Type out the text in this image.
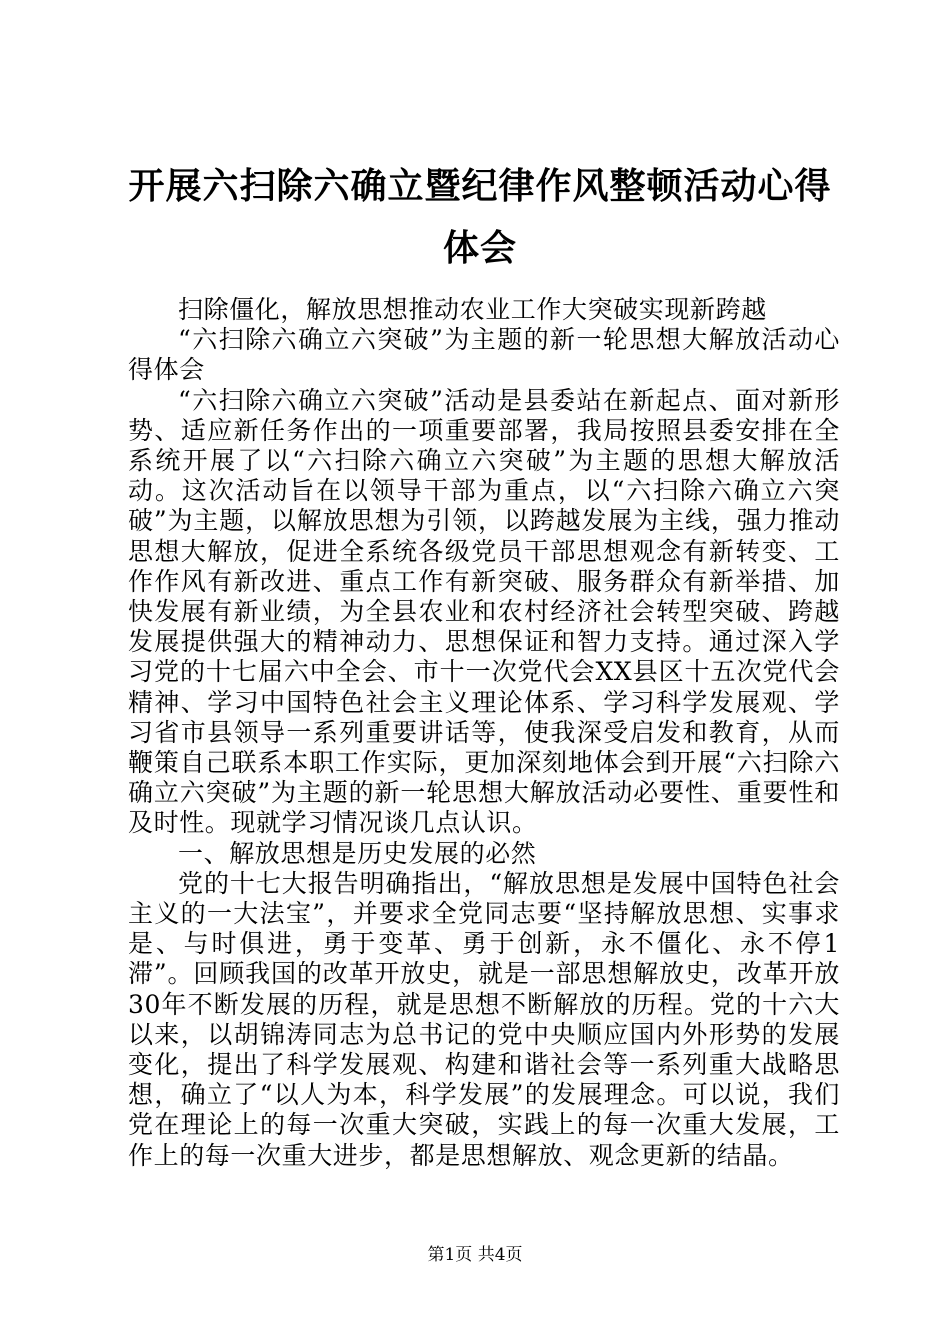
开展六扫除六确立暨纪律作风整顿活动心得体会

扫除僵化，解放思想推动农业工作大突破实现新跨越

“六扫除六确立六突破”为主题的新一轮思想大解放活动心得体会

“六扫除六确立六突破”活动是县委站在新起点、面对新形势、适应新任务作出的一项重要部署，我局按照县委安排在全系统开展了以“六扫除六确立六突破”为主题的思想大解放活动。这次活动旨在以领导干部为重点，以“六扫除六确立六突破”为主题，以解放思想为引领，以跨越发展为主线，强力推动思想大解放，促进全系统各级党员干部思想观念有新转变、工作作风有新改进、重点工作有新突破、服务群众有新举措、加快发展有新业绩，为全县农业和农村经济社会转型突破、跨越发展提供强大的精神动力、思想保证和智力支持。通过深入学习党的十七届六中全会、市十一次党代会XX县区十五次党代会精神、学习中国特色社会主义理论体系、学习科学发展观、学习省市县领导一系列重要讲话等，使我深受启发和教育，从而鞭策自己联系本职工作实际，更加深刻地体会到开展“六扫除六确立六突破”为主题的新一轮思想大解放活动必要性、重要性和及时性。现就学习情况谈几点认识。

一、解放思想是历史发展的必然

党的十七大报告明确指出，“解放思想是发展中国特色社会主义的一大法宝”，并要求全党同志要“坚持解放思想、实事求是、与时俱进，勇于变革、勇于创新，永不僵化、永不停1滞”。回顾我国的改革开放史，就是一部思想解放史，改革开放30年不断发展的历程，就是思想不断解放的历程。党的十六大以来，以胡锦涛同志为总书记的党中央顺应国内外形势的发展变化，提出了科学发展观、构建和谐社会等一系列重大战略思想，确立了“以人为本，科学发展”的发展理念。可以说，我们党在理论上的每一次重大突破，实践上的每一次重大发展，工作上的每一次重大进步，都是思想解放、观念更新的结晶。

第1页 共4页
